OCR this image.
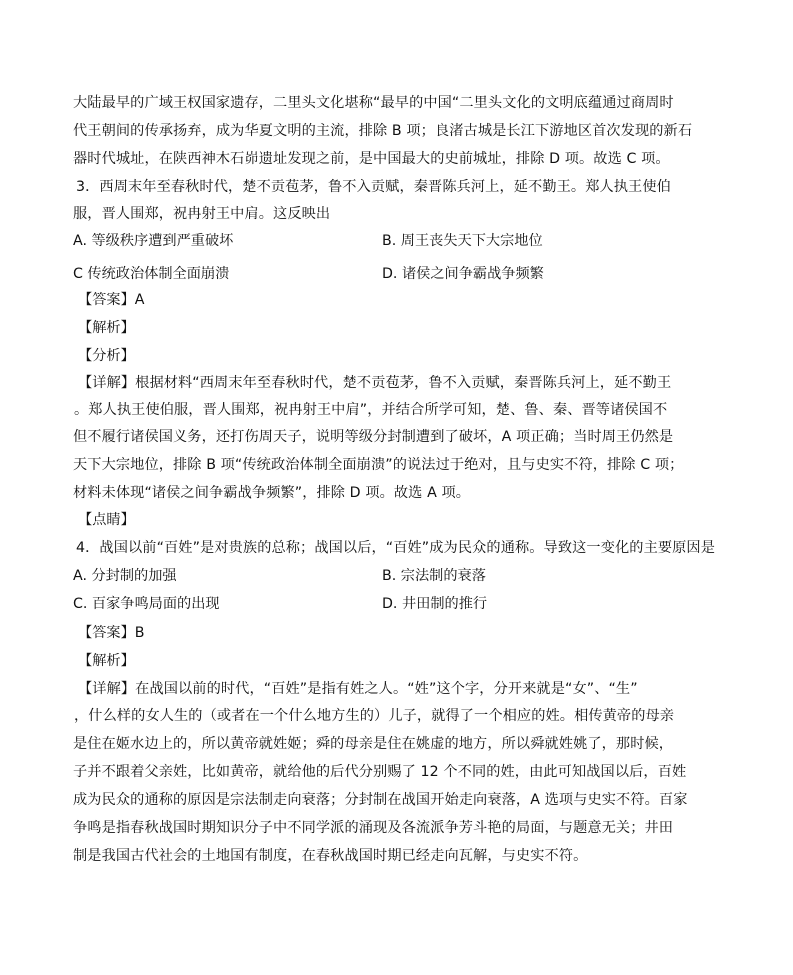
大陆最早的广域王权国家遗存，二里头文化堪称“最早的中国“二里头文化的文明底蕴通过商周时
代王朝间的传承扬弃，成为华夏文明的主流，排除 B 项；良渚古城是长江下游地区首次发现的新石
器时代城址，在陕西神木石峁遗址发现之前，是中国最大的史前城址，排除 D 项。故选 C 项。
3．西周末年至春秋时代，楚不贡苞茅，鲁不入贡赋，秦晋陈兵河上，延不勤王。郑人执王使伯
服，晋人围郑，祝冉射王中肩。这反映出
A. 等级秩序遭到严重破坏	B. 周王丧失天下大宗地位
C 传统政治体制全面崩溃	D. 诸侯之间争霸战争频繁
【答案】A
【解析】
【分析】
【详解】根据材料“西周末年至春秋时代，楚不贡苞茅，鲁不入贡赋，秦晋陈兵河上，延不勤王
。郑人执王使伯服，晋人围郑，祝冉射王中肩”，并结合所学可知，楚、鲁、秦、晋等诸侯国不
但不履行诸侯国义务，还打伤周天子，说明等级分封制遭到了破坏，A 项正确；当时周王仍然是
天下大宗地位，排除 B 项“传统政治体制全面崩溃”的说法过于绝对，且与史实不符，排除 C 项；
材料未体现“诸侯之间争霸战争频繁”，排除 D 项。故选 A 项。
【点睛】
4．战国以前“百姓”是对贵族的总称；战国以后，“百姓”成为民众的通称。导致这一变化的主要原因是
A. 分封制的加强	B. 宗法制的衰落
C. 百家争鸣局面的出现	D. 井田制的推行
【答案】B
【解析】
【详解】在战国以前的时代，“百姓”是指有姓之人。“姓”这个字，分开来就是“女”、“生”
，什么样的女人生的（或者在一个什么地方生的）儿子，就得了一个相应的姓。相传黄帝的母亲
是住在姬水边上的，所以黄帝就姓姬；舜的母亲是住在姚虚的地方，所以舜就姓姚了，那时候，
子并不跟着父亲姓，比如黄帝，就给他的后代分别赐了 12 个不同的姓，由此可知战国以后，百姓
成为民众的通称的原因是宗法制走向衰落；分封制在战国开始走向衰落，A 选项与史实不符。百家
争鸣是指春秋战国时期知识分子中不同学派的涌现及各流派争芳斗艳的局面，与题意无关；井田
制是我国古代社会的土地国有制度，在春秋战国时期已经走向瓦解，与史实不符。
